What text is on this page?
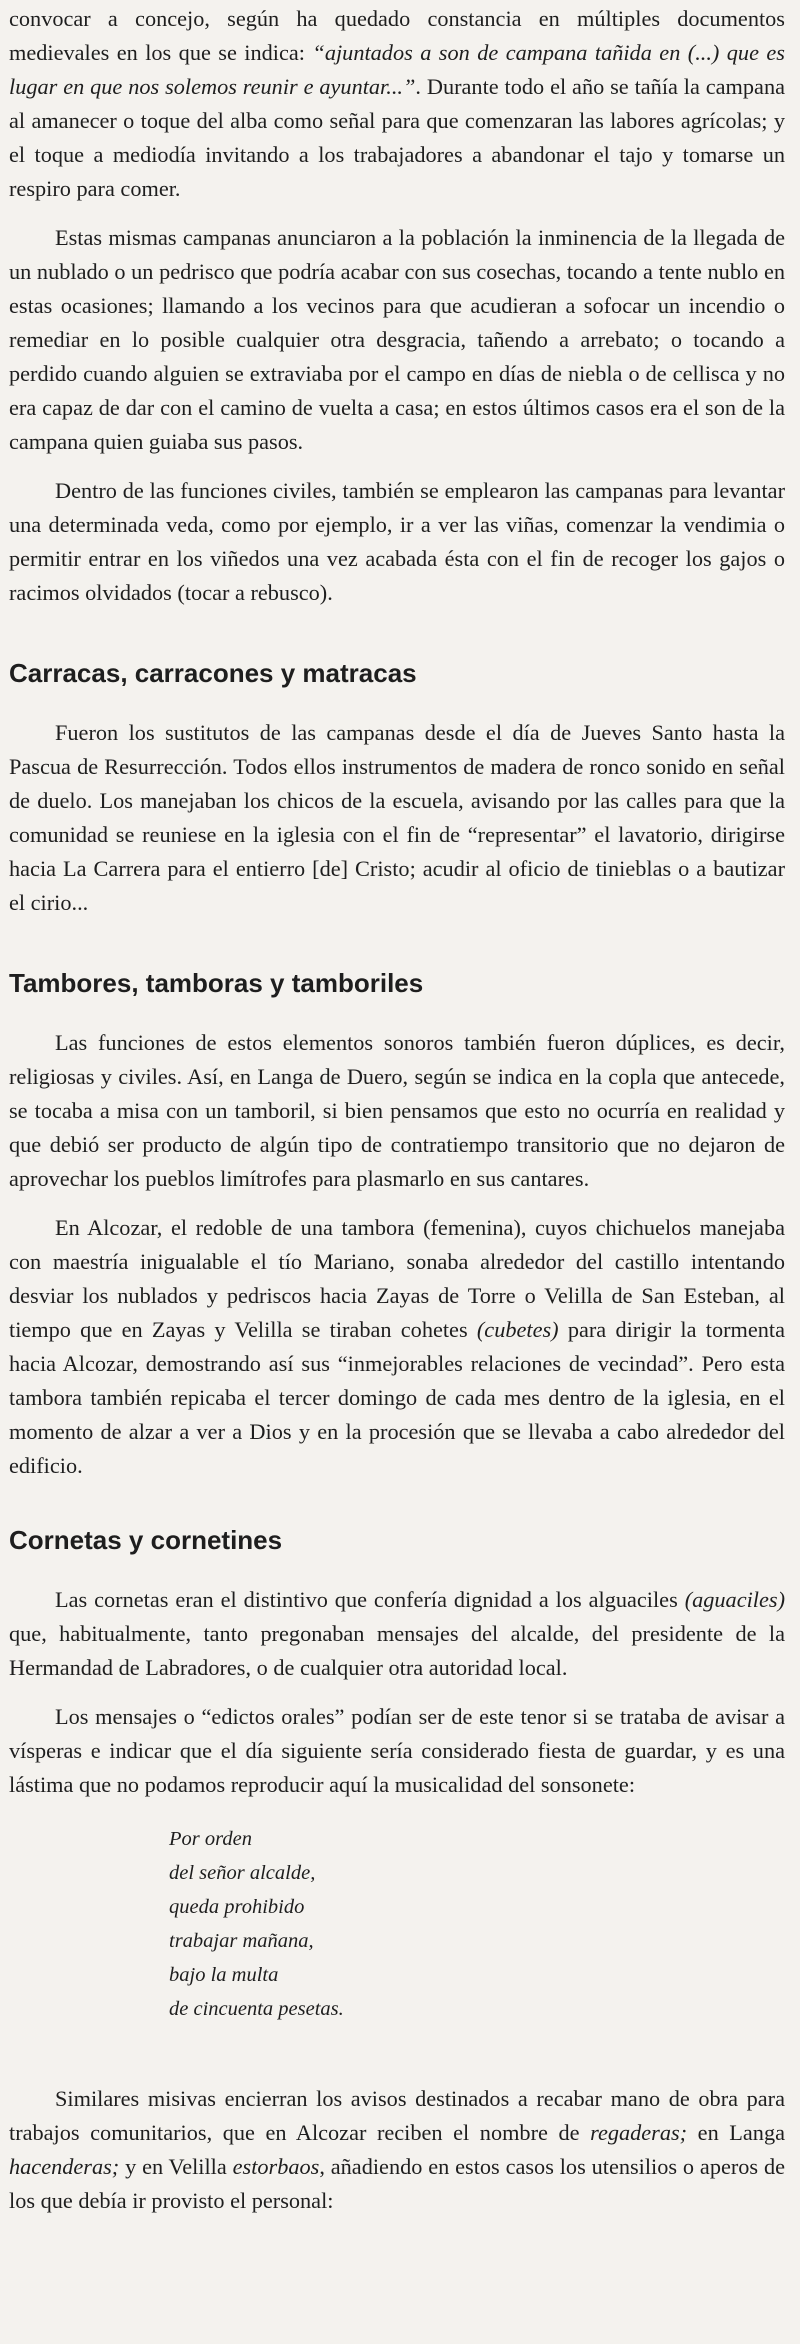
convocar a concejo, según ha quedado constancia en múltiples documentos medievales en los que se indica: “ajuntados a son de campana tañida en (...) que es lugar en que nos solemos reunir e ayuntar...”. Durante todo el año se tañía la campana al amanecer o toque del alba como señal para que comenzaran las labores agrícolas; y el toque a mediodía invitando a los trabajadores a abandonar el tajo y tomarse un respiro para comer.

Estas mismas campanas anunciaron a la población la inminencia de la llegada de un nublado o un pedrisco que podría acabar con sus cosechas, tocando a tente nublo en estas ocasiones; llamando a los vecinos para que acudieran a sofocar un incendio o remediar en lo posible cualquier otra desgracia, tañendo a arrebato; o tocando a perdido cuando alguien se extraviaba por el campo en días de niebla o de cellisca y no era capaz de dar con el camino de vuelta a casa; en estos últimos casos era el son de la campana quien guiaba sus pasos.

Dentro de las funciones civiles, también se emplearon las campanas para levantar una determinada veda, como por ejemplo, ir a ver las viñas, comenzar la vendimia o permitir entrar en los viñedos una vez acabada ésta con el fin de recoger los gajos o racimos olvidados (tocar a rebusco).

Carracas, carracones y matracas

Fueron los sustitutos de las campanas desde el día de Jueves Santo hasta la Pascua de Resurrección. Todos ellos instrumentos de madera de ronco sonido en señal de duelo. Los manejaban los chicos de la escuela, avisando por las calles para que la comunidad se reuniese en la iglesia con el fin de “representar” el lavatorio, dirigirse hacia La Carrera para el entierro [de] Cristo; acudir al oficio de tinieblas o a bautizar el cirio...

Tambores, tamboras y tamboriles

Las funciones de estos elementos sonoros también fueron dúplices, es decir, religiosas y civiles. Así, en Langa de Duero, según se indica en la copla que antecede, se tocaba a misa con un tamboril, si bien pensamos que esto no ocurría en realidad y que debió ser producto de algún tipo de contratiempo transitorio que no dejaron de aprovechar los pueblos limítrofes para plasmarlo en sus cantares.

En Alcozar, el redoble de una tambora (femenina), cuyos chichuelos manejaba con maestría inigualable el tío Mariano, sonaba alrededor del castillo intentando desviar los nublados y pedriscos hacia Zayas de Torre o Velilla de San Esteban, al tiempo que en Zayas y Velilla se tiraban cohetes (cubetes) para dirigir la tormenta hacia Alcozar, demostrando así sus “inmejorables relaciones de vecindad”. Pero esta tambora también repicaba el tercer domingo de cada mes dentro de la iglesia, en el momento de alzar a ver a Dios y en la procesión que se llevaba a cabo alrededor del edificio.

Cornetas y cornetines

Las cornetas eran el distintivo que confería dignidad a los alguaciles (aguaciles) que, habitualmente, tanto pregonaban mensajes del alcalde, del presidente de la Hermandad de Labradores, o de cualquier otra autoridad local.

Los mensajes o “edictos orales” podían ser de este tenor si se trataba de avisar a vísperas e indicar que el día siguiente sería considerado fiesta de guardar, y es una lástima que no podamos reproducir aquí la musicalidad del sonsonete:

Por orden
del señor alcalde,
queda prohibido
trabajar mañana,
bajo la multa
de cincuenta pesetas.

Similares misivas encierran los avisos destinados a recabar mano de obra para trabajos comunitarios, que en Alcozar reciben el nombre de regaderas; en Langa hacenderas; y en Velilla estorbaos, añadiendo en estos casos los utensilios o aperos de los que debía ir provisto el personal:
